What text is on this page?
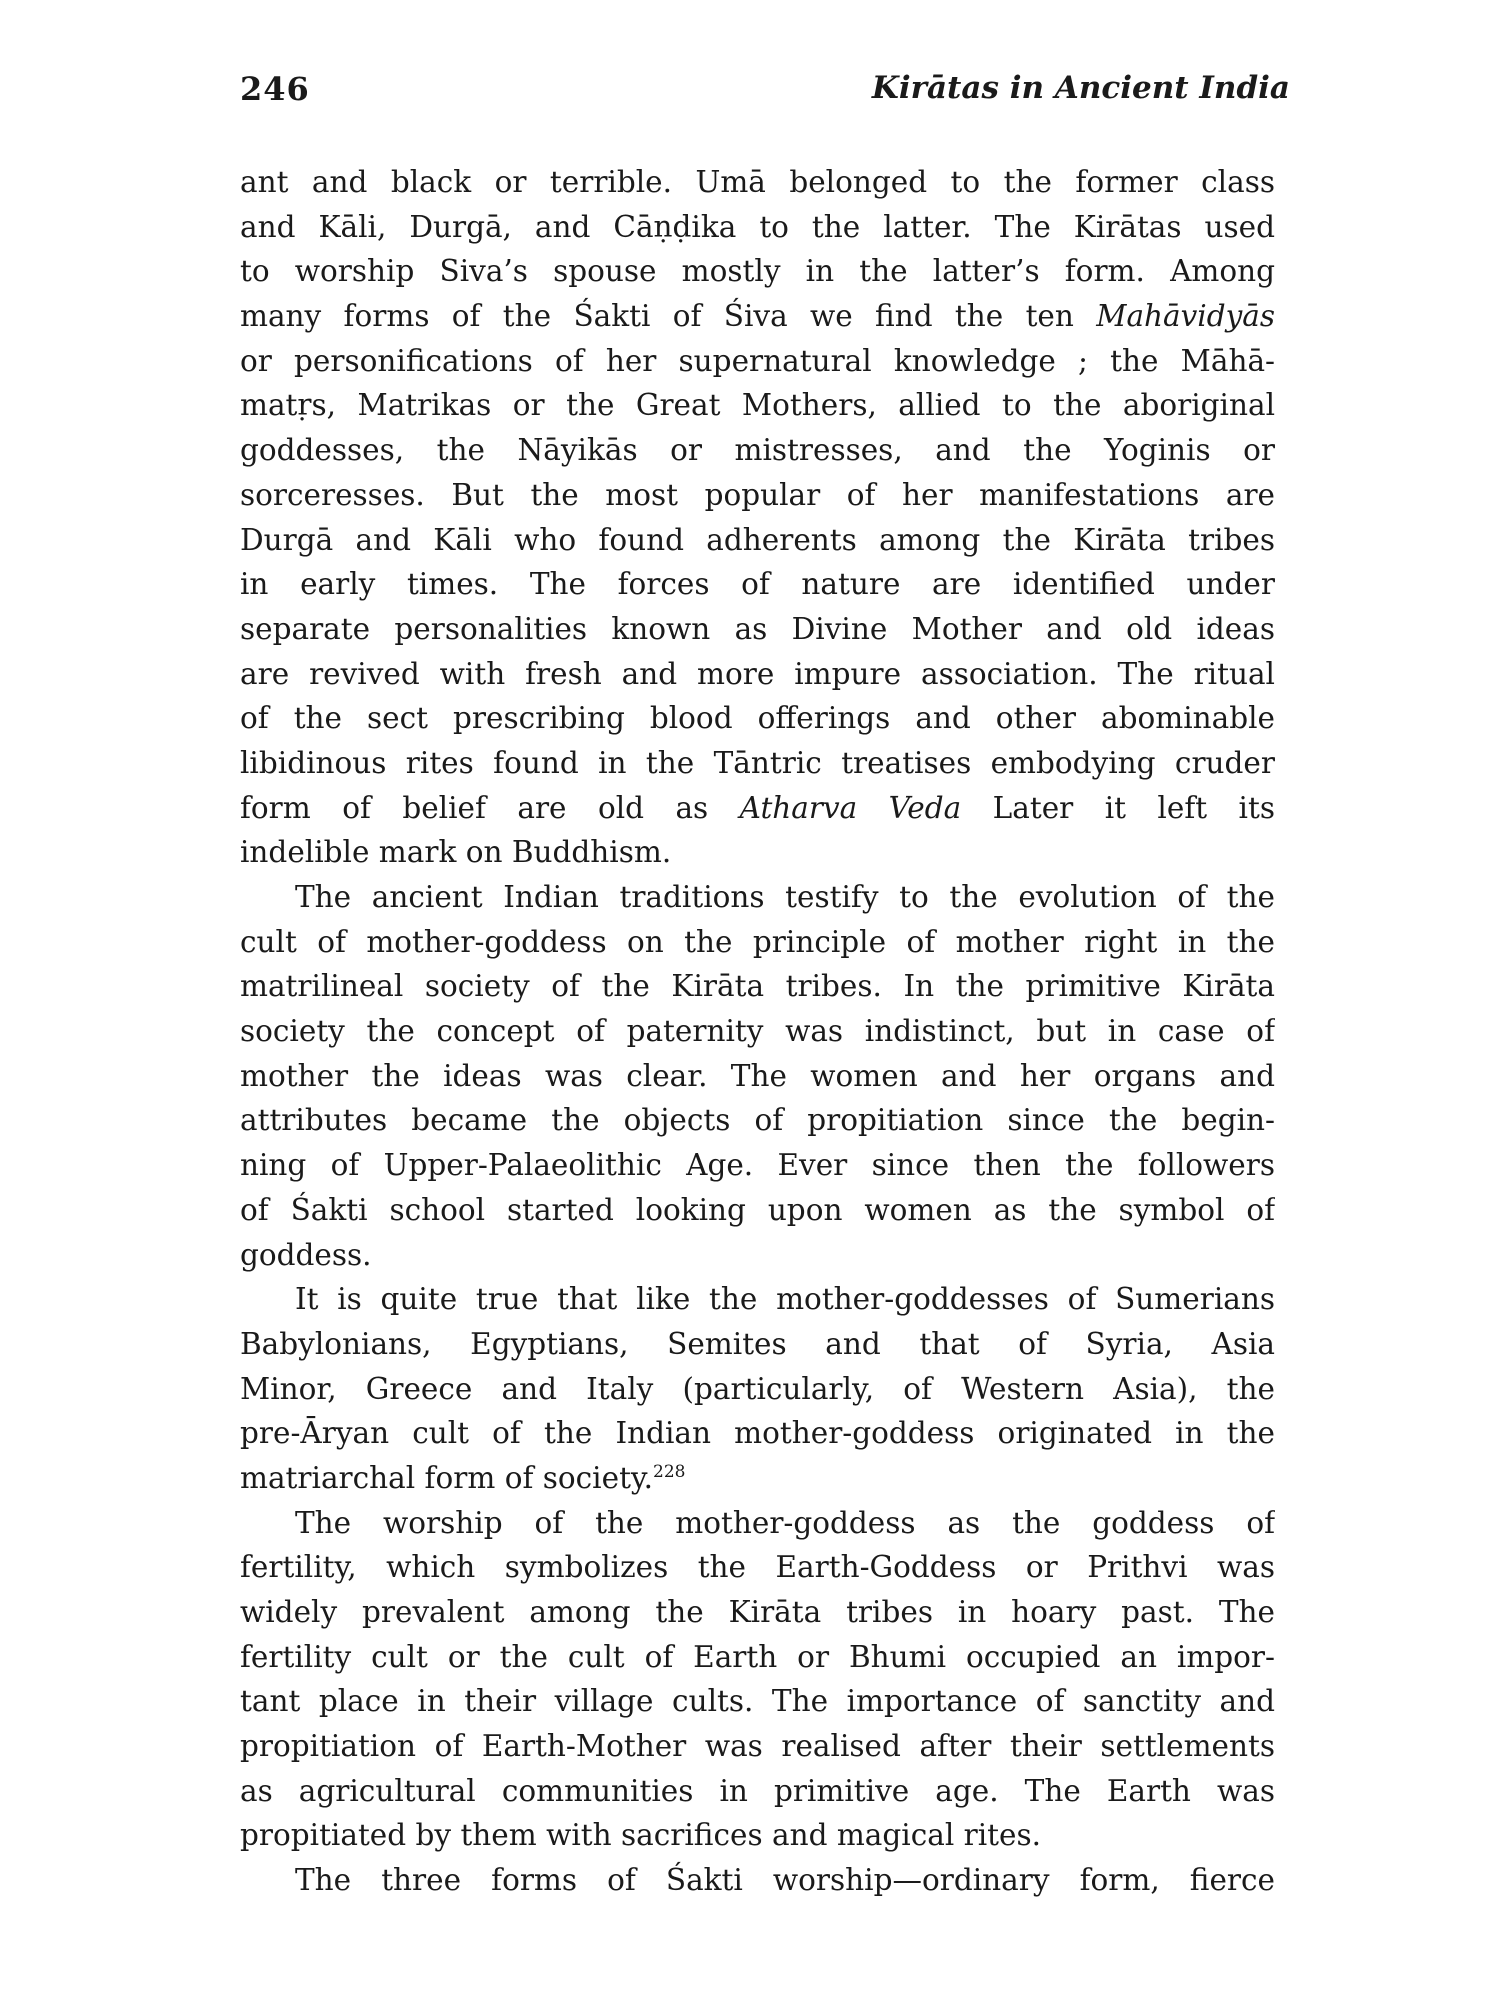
246	Kirātas in Ancient India
ant and black or terrible. Umā belonged to the former class
and Kāli, Durgā, and Cāṇḍika to the latter. The Kirātas used
to worship Siva’s spouse mostly in the latter’s form. Among
many forms of the Śakti of Śiva we find the ten Mahāvidyās
or personifications of her supernatural knowledge ; the Māhā-
matṛs, Matrikas or the Great Mothers, allied to the aboriginal
goddesses, the Nāyikās or mistresses, and the Yoginis or
sorceresses. But the most popular of her manifestations are
Durgā and Kāli who found adherents among the Kirāta tribes
in early times. The forces of nature are identified under
separate personalities known as Divine Mother and old ideas
are revived with fresh and more impure association. The ritual
of the sect prescribing blood offerings and other abominable
libidinous rites found in the Tāntric treatises embodying cruder
form of belief are old as Atharva Veda Later it left its
indelible mark on Buddhism.
The ancient Indian traditions testify to the evolution of the
cult of mother-goddess on the principle of mother right in the
matrilineal society of the Kirāta tribes. In the primitive Kirāta
society the concept of paternity was indistinct, but in case of
mother the ideas was clear. The women and her organs and
attributes became the objects of propitiation since the begin-
ning of Upper-Palaeolithic Age. Ever since then the followers
of Śakti school started looking upon women as the symbol of
goddess.
It is quite true that like the mother-goddesses of Sumerians
Babylonians, Egyptians, Semites and that of Syria, Asia
Minor, Greece and Italy (particularly, of Western Asia), the
pre-Āryan cult of the Indian mother-goddess originated in the
matriarchal form of society.$^{228}$
The worship of the mother-goddess as the goddess of
fertility, which symbolizes the Earth-Goddess or Prithvi was
widely prevalent among the Kirāta tribes in hoary past. The
fertility cult or the cult of Earth or Bhumi occupied an impor-
tant place in their village cults. The importance of sanctity and
propitiation of Earth-Mother was realised after their settlements
as agricultural communities in primitive age. The Earth was
propitiated by them with sacrifices and magical rites.
The three forms of Śakti worship—ordinary form, fierce
